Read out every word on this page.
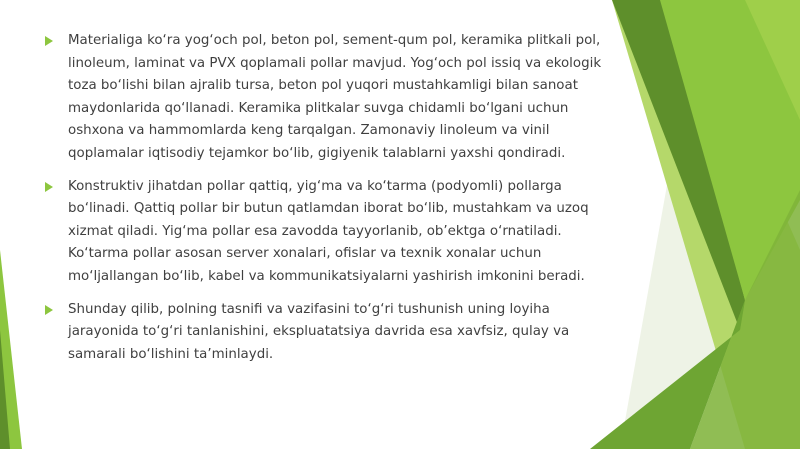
Materialiga ko‘ra yog‘och pol, beton pol, sement-qum pol, keramika plitkali pol, linoleum, laminat va PVX qoplamali pollar mavjud. Yog‘och pol issiq va ekologik toza bo‘lishi bilan ajralib tursa, beton pol yuqori mustahkamligi bilan sanoat maydonlarida qo‘llanadi. Keramika plitkalar suvga chidamli bo‘lgani uchun oshxona va hammomlarda keng tarqalgan. Zamonaviy linoleum va vinil qoplamalar iqtisodiy tejamkor bo‘lib, gigiyenik talablarni yaxshi qondiradi.
Konstruktiv jihatdan pollar qattiq, yig‘ma va ko‘tarma (podyomli) pollarga bo‘linadi. Qattiq pollar bir butun qatlamdan iborat bo‘lib, mustahkam va uzoq xizmat qiladi. Yig‘ma pollar esa zavodda tayyorlanib, ob’ektga o‘rnatiladi. Ko‘tarma pollar asosan server xonalari, ofislar va texnik xonalar uchun mo‘ljallangan bo‘lib, kabel va kommunikatsiyalarni yashirish imkonini beradi.
Shunday qilib, polning tasnifi va vazifasini to‘g‘ri tushunish uning loyiha jarayonida to‘g‘ri tanlanishini, ekspluatatsiya davrida esa xavfsiz, qulay va samarali bo‘lishini ta’minlaydi.
